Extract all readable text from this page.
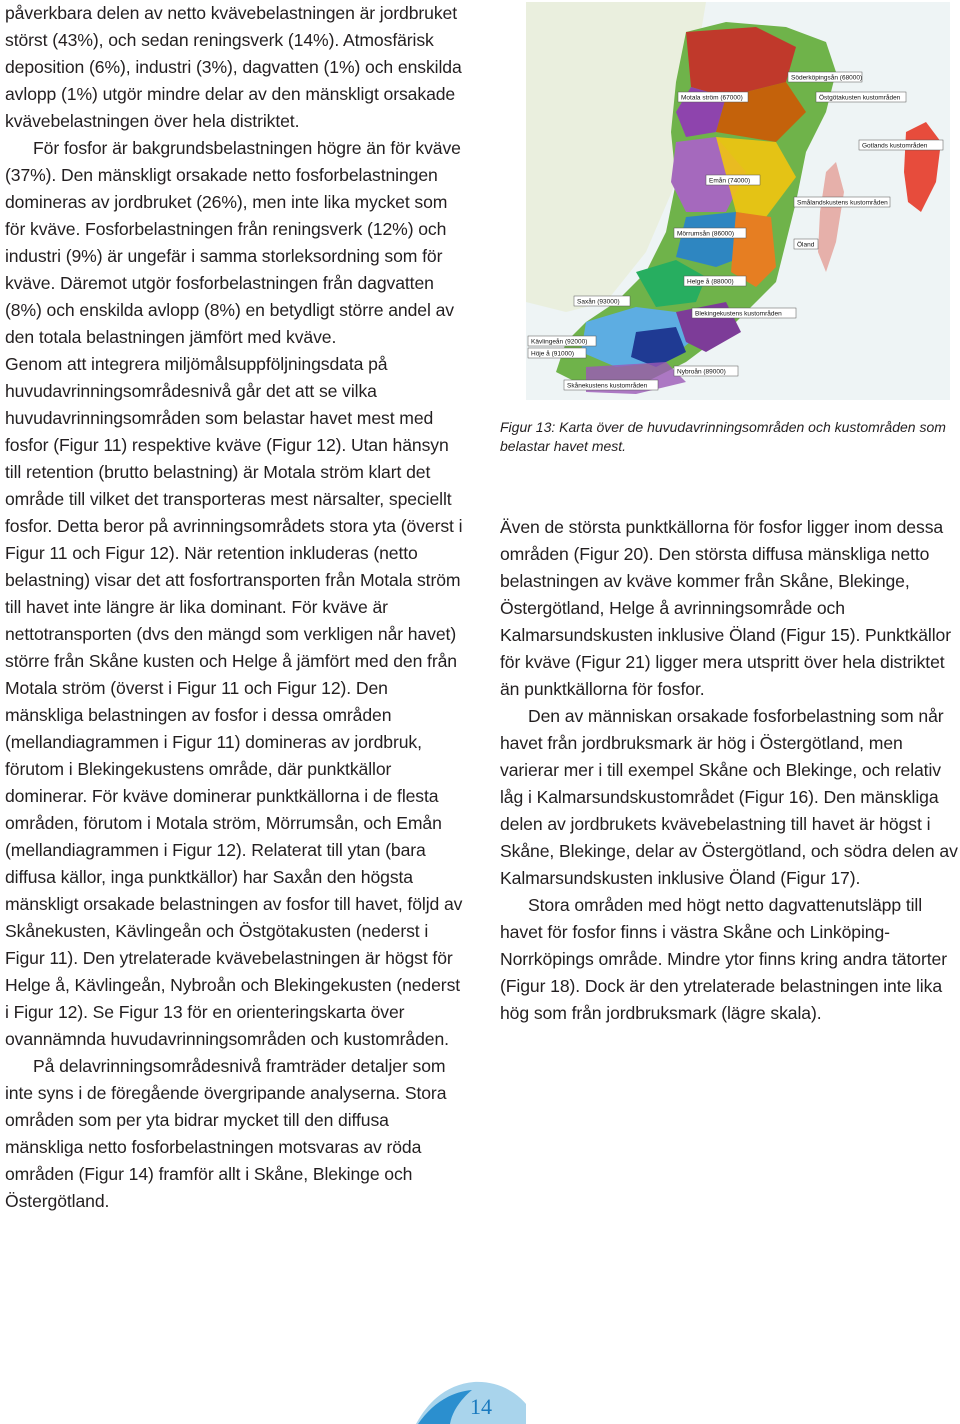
påverkbara delen av netto kvävebelastningen är jordbruket störst (43%), och sedan reningsverk (14%). Atmosfärisk deposition (6%), industri (3%), dagvatten (1%) och enskilda avlopp (1%) utgör mindre delar av den mänskligt orsakade kvävebelastningen över hela distriktet.

För fosfor är bakgrundsbelastningen högre än för kväve (37%). Den mänskligt orsakade netto fosforbelastningen domineras av jordbruket (26%), men inte lika mycket som för kväve. Fosforbelastningen från reningsverk (12%) och industri (9%) är ungefär i samma storleksordning som för kväve. Däremot utgör fosforbelastningen från dagvatten (8%) och enskilda avlopp (8%) en betydligt större andel av den totala belastningen jämfört med kväve.

Genom att integrera miljömålsuppföljningsdata på huvudavrinningsområdesnivå går det att se vilka huvudavrinningsområden som belastar havet mest med fosfor (Figur 11) respektive kväve (Figur 12). Utan hänsyn till retention (brutto belastning) är Motala ström klart det område till vilket det transporteras mest närsalter, speciellt fosfor. Detta beror på avrinningsområdets stora yta (överst i Figur 11 och Figur 12). När retention inkluderas (netto belastning) visar det att fosfortransporten från Motala ström till havet inte längre är lika dominant. För kväve är nettotransporten (dvs den mängd som verkligen når havet) större från Skåne kusten och Helge å jämfört med den från Motala ström (överst i Figur 11 och Figur 12). Den mänskliga belastningen av fosfor i dessa områden (mellandiagrammen i Figur 11) domineras av jordbruk, förutom i Blekingekustens område, där punktkällor dominerar. För kväve dominerar punktkällorna i de flesta områden, förutom i Motala ström, Mörrumsån, och Emån (mellandiagrammen i Figur 12). Relaterat till ytan (bara diffusa källor, inga punktkällor) har Saxån den högsta mänskligt orsakade belastningen av fosfor till havet, följd av Skånekusten, Kävlingeån och Östgötakusten (nederst i Figur 11). Den ytrelaterade kvävebelastningen är högst för Helge å, Kävlingeån, Nybroån och Blekingekusten (nederst i Figur 12). Se Figur 13 för en orienteringskarta över ovannämnda huvudavrinningsområden och kustområden.

På delavrinningsområdesnivå framträder detaljer som inte syns i de föregående övergripande analyserna. Stora områden som per yta bidrar mycket till den diffusa mänskliga netto fosforbelastningen motsvaras av röda områden (Figur 14) framför allt i Skåne, Blekinge och Östergötland.

Söderköpingsån (68000)
Motala ström (67000)	Östgötakusten kustområden
Gotlands kustområden
Emån (74000)
Smålandskustens kustområden
Mörrumsån (86000)
Öland
Helge å (88000)
Saxån (93000)
Blekingekustens kustområden
Kävlingeån (92000)
Höje å (91000)
Nybroån (89000)
Skånekustens kustområden
Figur 13: Karta över de huvudavrinningsområden och kustområden som belastar havet mest.

Även de största punktkällorna för fosfor ligger inom dessa områden (Figur 20). Den största diffusa mänskliga netto belastningen av kväve kommer från Skåne, Blekinge, Östergötland, Helge å avrinningsområde och Kalmarsundskusten inklusive Öland (Figur 15). Punktkällor för kväve (Figur 21) ligger mera utspritt över hela distriktet än punktkällorna för fosfor.

Den av människan orsakade fosforbelastning som når havet från jordbruksmark är hög i Östergötland, men varierar mer i till exempel Skåne och Blekinge, och relativ låg i Kalmarsundskustområdet (Figur 16). Den mänskliga delen av jordbrukets kvävebelastning till havet är högst i Skåne, Blekinge, delar av Östergötland, och södra delen av Kalmarsundskusten inklusive Öland (Figur 17).

Stora områden med högt netto dagvattenutsläpp till havet för fosfor finns i västra Skåne och Linköping-Norrköpings område. Mindre ytor finns kring andra tätorter (Figur 18). Dock är den ytrelaterade belastningen inte lika hög som från jordbruksmark (lägre skala).

14
